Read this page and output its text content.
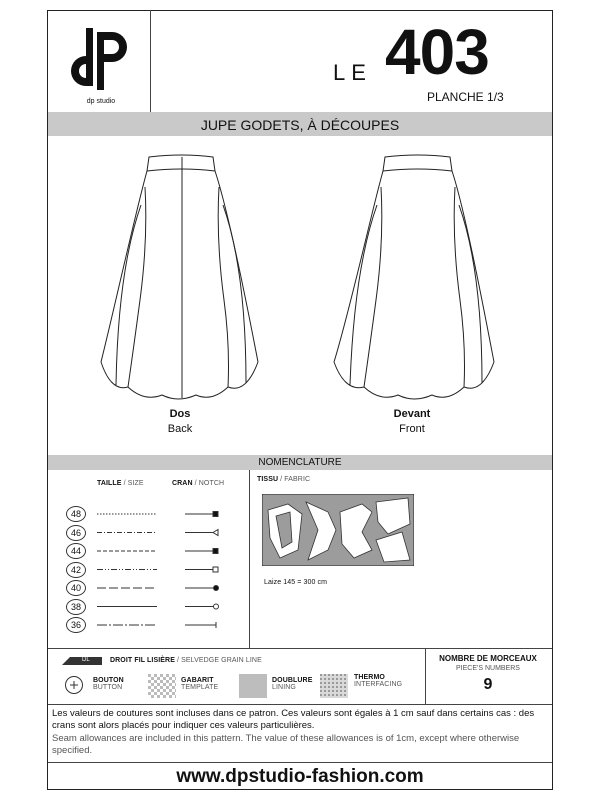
dp studio
LE 403
PLANCHE 1/3
JUPE GODETS, À DÉCOUPES
Dos
Back
Devant
Front
NOMENCLATURE
TAILLE / SIZE	CRAN / NOTCH
48
46
44
42
40
38
36
TISSU / FABRIC
Laize 145 = 300 cm
DL	DROIT FIL LISIÈRE / SELVEDGE GRAIN LINE
BOUTON
BUTTON
GABARIT
TEMPLATE
DOUBLURE
LINING
THERMO
INTERFACING
NOMBRE DE MORCEAUX
PIECE'S NUMBERS
9
Les valeurs de coutures sont incluses dans ce patron. Ces valeurs sont égales à 1 cm sauf dans certains cas : des crans sont alors placés pour indiquer ces valeurs particulières.
Seam allowances are included in this pattern. The value of these allowances is of 1cm, except where otherwise specified.
www.dpstudio-fashion.com
